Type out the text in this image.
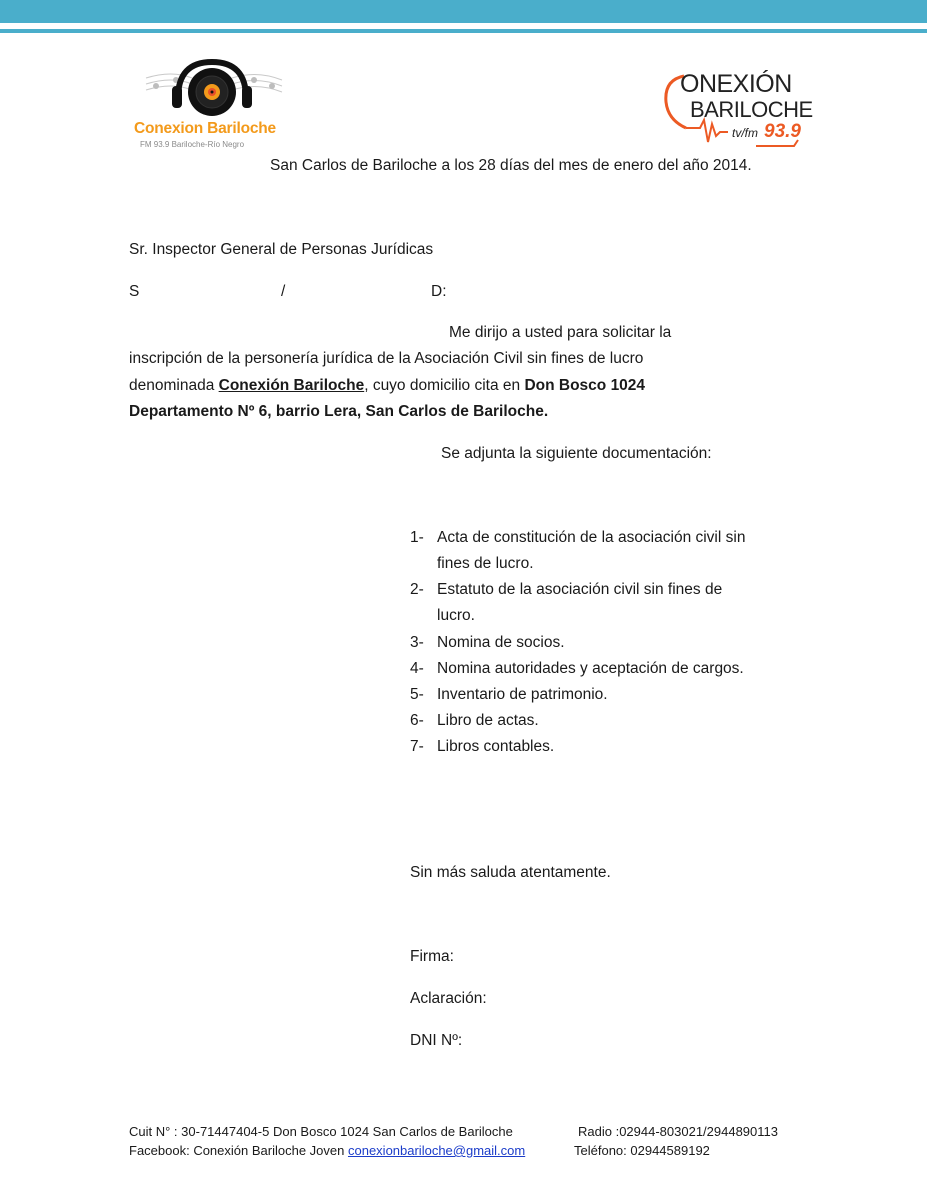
Conexion Bariloche
FM 93.9 Bariloche-Río Negro
ONEXIÓN
BARILOCHE
tv/fm 93.9
San Carlos de Bariloche a los 28 días del mes de enero del año 2014.
Sr. Inspector General de Personas Jurídicas
S	/	D:
Me dirijo a usted para solicitar la
inscripción de la personería jurídica de la Asociación Civil sin fines de lucro
denominada Conexión Bariloche, cuyo domicilio cita en Don Bosco 1024
Departamento Nº 6, barrio Lera, San Carlos de Bariloche.
Se adjunta la siguiente documentación:
1- Acta de constitución de la asociación civil sin
fines de lucro.
2- Estatuto de la asociación civil sin fines de
lucro.
3- Nomina de socios.
4- Nomina autoridades y aceptación de cargos.
5- Inventario de patrimonio.
6- Libro de actas.
7- Libros contables.
Sin más saluda atentamente.
Firma:
Aclaración:
DNI Nº:
Cuit N° : 30-71447404-5 Don Bosco 1024 San Carlos de Bariloche	Radio :02944-803021/2944890113
Facebook: Conexión Bariloche Joven conexionbariloche@gmail.com	Teléfono: 02944589192
